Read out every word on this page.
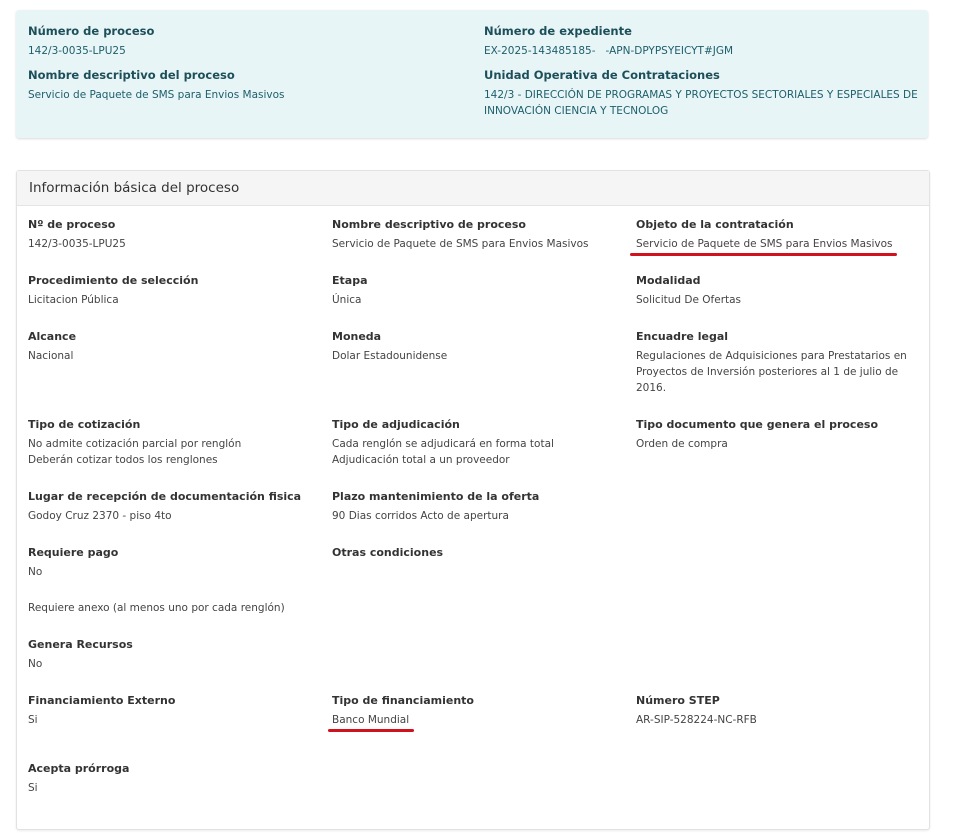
Número de proceso
142/3-0035-LPU25
Número de expediente
EX-2025-143485185-   -APN-DPYPSYEICYT#JGM
Nombre descriptivo del proceso
Servicio de Paquete de SMS para Envios Masivos
Unidad Operativa de Contrataciones
142/3 - DIRECCIÓN DE PROGRAMAS Y PROYECTOS SECTORIALES Y ESPECIALES DE
INNOVACIÓN CIENCIA Y TECNOLOG
Información básica del proceso
Nº de proceso
142/3-0035-LPU25
Nombre descriptivo de proceso
Servicio de Paquete de SMS para Envios Masivos
Objeto de la contratación
Servicio de Paquete de SMS para Envios Masivos
Procedimiento de selección
Licitacion Pública
Etapa
Única
Modalidad
Solicitud De Ofertas
Alcance
Nacional
Moneda
Dolar Estadounidense
Encuadre legal
Regulaciones de Adquisiciones para Prestatarios en
Proyectos de Inversión posteriores al 1 de julio de
2016.
Tipo de cotización
No admite cotización parcial por renglón
Deberán cotizar todos los renglones
Tipo de adjudicación
Cada renglón se adjudicará en forma total
Adjudicación total a un proveedor
Tipo documento que genera el proceso
Orden de compra
Lugar de recepción de documentación fisica
Godoy Cruz 2370 - piso 4to
Plazo mantenimiento de la oferta
90 Dias corridos Acto de apertura
Requiere pago
No
Otras condiciones
Requiere anexo (al menos uno por cada renglón)
Genera Recursos
No
Financiamiento Externo
Si
Tipo de financiamiento
Banco Mundial
Número STEP
AR-SIP-528224-NC-RFB
Acepta prórroga
Si
